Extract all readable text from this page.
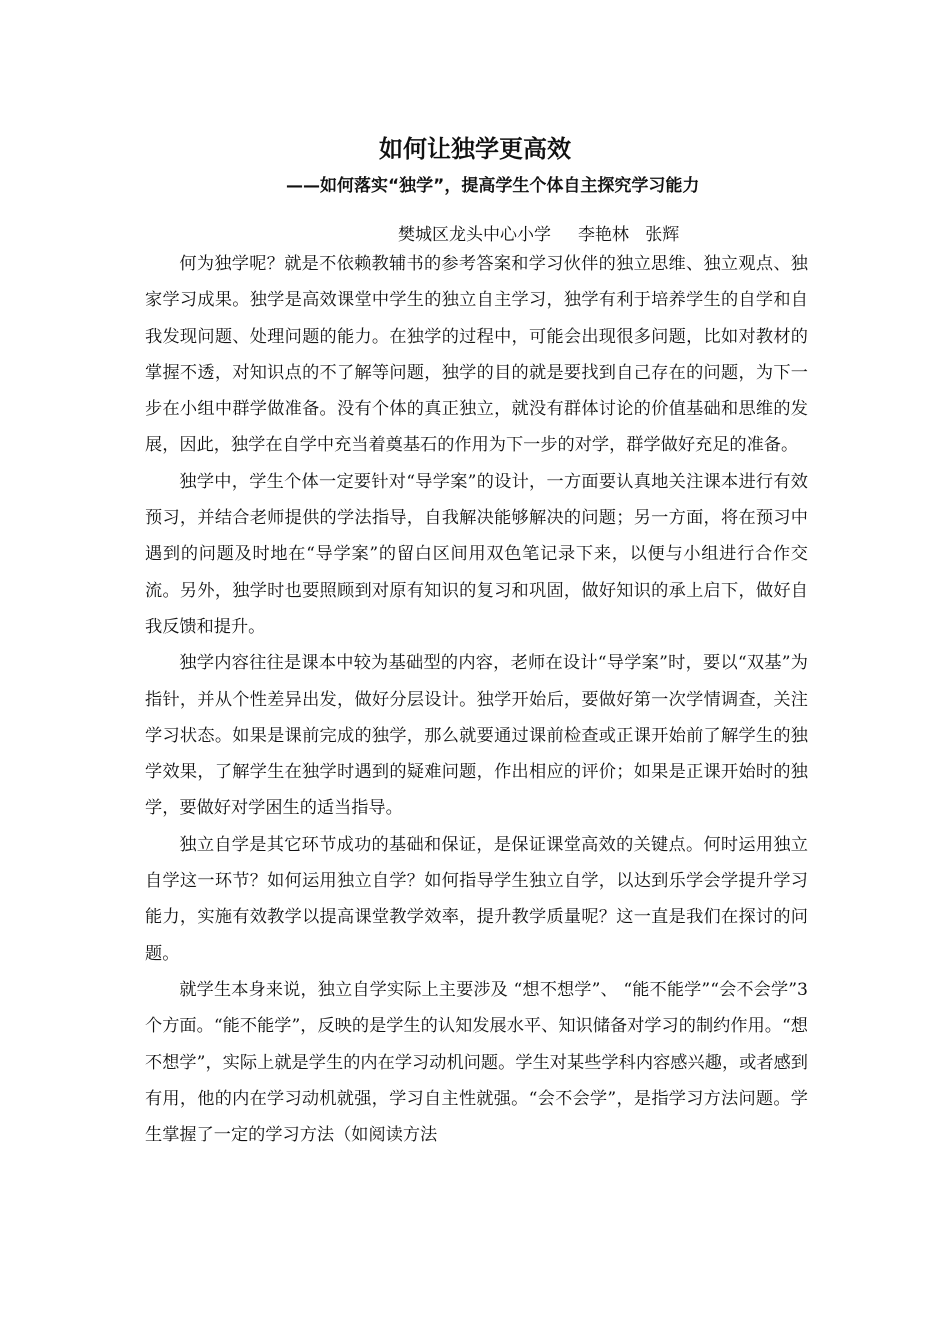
如何让独学更高效
——如何落实“独学”，提高学生个体自主探究学习能力
樊城区龙头中心小学     李艳林   张辉

何为独学呢？就是不依赖教辅书的参考答案和学习伙伴的独立思维、独立观点、独家学习成果。独学是高效课堂中学生的独立自主学习，独学有利于培养学生的自学和自我发现问题、处理问题的能力。在独学的过程中，可能会出现很多问题，比如对教材的掌握不透，对知识点的不了解等问题，独学的目的就是要找到自己存在的问题，为下一步在小组中群学做准备。没有个体的真正独立，就没有群体讨论的价值基础和思维的发展，因此，独学在自学中充当着奠基石的作用为下一步的对学，群学做好充足的准备。

独学中，学生个体一定要针对“导学案”的设计，一方面要认真地关注课本进行有效预习，并结合老师提供的学法指导，自我解决能够解决的问题；另一方面，将在预习中遇到的问题及时地在“导学案”的留白区间用双色笔记录下来，以便与小组进行合作交流。另外，独学时也要照顾到对原有知识的复习和巩固，做好知识的承上启下，做好自我反馈和提升。

独学内容往往是课本中较为基础型的内容，老师在设计“导学案”时，要以“双基”为指针，并从个性差异出发，做好分层设计。独学开始后，要做好第一次学情调查，关注学习状态。如果是课前完成的独学，那么就要通过课前检查或正课开始前了解学生的独学效果，了解学生在独学时遇到的疑难问题，作出相应的评价；如果是正课开始时的独学，要做好对学困生的适当指导。

独立自学是其它环节成功的基础和保证，是保证课堂高效的关键点。何时运用独立自学这一环节？如何运用独立自学？如何指导学生独立自学，以达到乐学会学提升学习能力，实施有效教学以提高课堂教学效率，提升教学质量呢？这一直是我们在探讨的问题。

就学生本身来说，独立自学实际上主要涉及 “想不想学”、 “能不能学”“会不会学”3个方面。“能不能学”，反映的是学生的认知发展水平、知识储备对学习的制约作用。“想不想学”，实际上就是学生的内在学习动机问题。学生对某些学科内容感兴趣，或者感到有用，他的内在学习动机就强，学习自主性就强。“会不会学”，是指学习方法问题。学生掌握了一定的学习方法（如阅读方法
